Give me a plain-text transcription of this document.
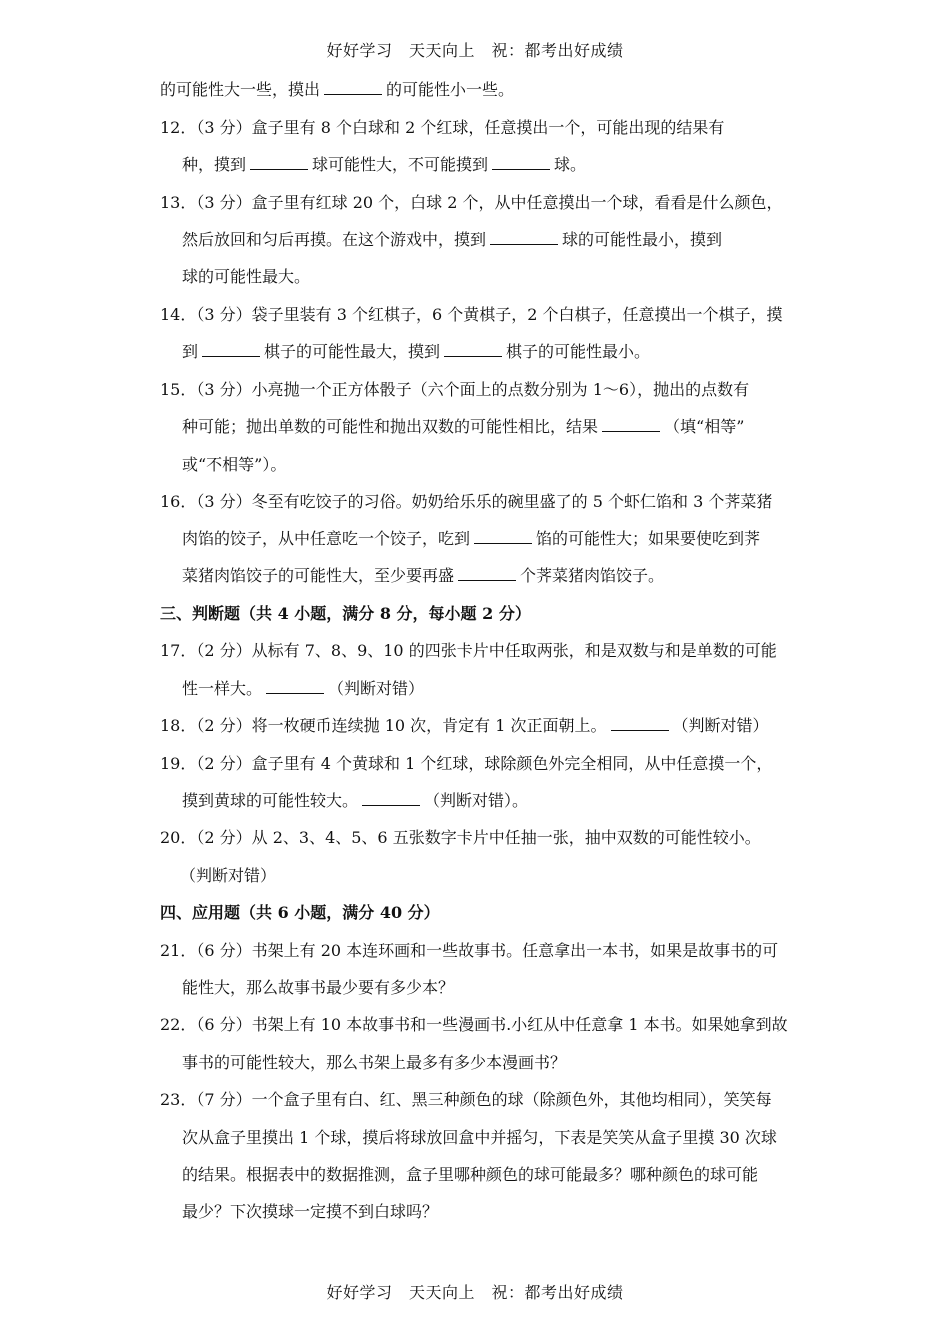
好好学习　天天向上　祝：都考出好成绩
的可能性大一些，摸出	的可能性小一些。
12．（3 分）盒子里有 8 个白球和 2 个红球，任意摸出一个，可能出现的结果有
种，摸到	球可能性大，不可能摸到	球。
13．（3 分）盒子里有红球 20 个，白球 2 个，从中任意摸出一个球，看看是什么颜色，
然后放回和匀后再摸。在这个游戏中，摸到	球的可能性最小，摸到
球的可能性最大。
14．（3 分）袋子里装有 3 个红棋子，6 个黄棋子，2 个白棋子，任意摸出一个棋子，摸
到	棋子的可能性最大，摸到	棋子的可能性最小。
15．（3 分）小亮抛一个正方体骰子（六个面上的点数分别为 1～6），抛出的点数有
种可能；抛出单数的可能性和抛出双数的可能性相比，结果	（填“相等”
或“不相等”）。
16．（3 分）冬至有吃饺子的习俗。奶奶给乐乐的碗里盛了的 5 个虾仁馅和 3 个荠菜猪
肉馅的饺子，从中任意吃一个饺子，吃到	馅的可能性大；如果要使吃到荠
菜猪肉馅饺子的可能性大，至少要再盛	个荠菜猪肉馅饺子。
三、判断题（共 4 小题，满分 8 分，每小题 2 分）
17．（2 分）从标有 7、8、9、10 的四张卡片中任取两张，和是双数与和是单数的可能
性一样大。	（判断对错）
18．（2 分）将一枚硬币连续抛 10 次，肯定有 1 次正面朝上。	（判断对错）
19．（2 分）盒子里有 4 个黄球和 1 个红球，球除颜色外完全相同，从中任意摸一个，
摸到黄球的可能性较大。	（判断对错）。
20．（2 分）从 2、3、4、5、6 五张数字卡片中任抽一张，抽中双数的可能性较小。
（判断对错）
四、应用题（共 6 小题，满分 40 分）
21．（6 分）书架上有 20 本连环画和一些故事书。任意拿出一本书，如果是故事书的可
能性大，那么故事书最少要有多少本？
22．（6 分）书架上有 10 本故事书和一些漫画书.小红从中任意拿 1 本书。如果她拿到故
事书的可能性较大，那么书架上最多有多少本漫画书？
23．（7 分）一个盒子里有白、红、黑三种颜色的球（除颜色外，其他均相同），笑笑每
次从盒子里摸出 1 个球，摸后将球放回盒中并摇匀，下表是笑笑从盒子里摸 30 次球
的结果。根据表中的数据推测，盒子里哪种颜色的球可能最多？哪种颜色的球可能
最少？下次摸球一定摸不到白球吗？
好好学习　天天向上　祝：都考出好成绩
